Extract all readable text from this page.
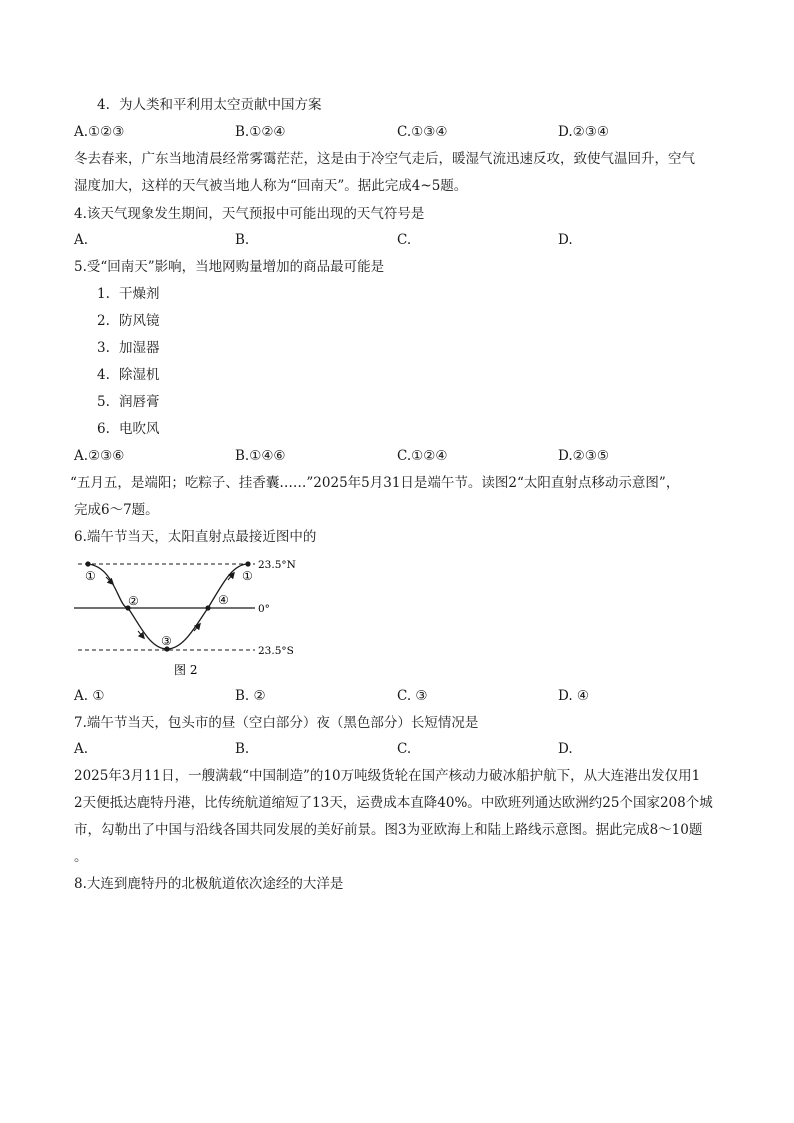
4. 为人类和平利用太空贡献中国方案
A.①②③	B.①②④	C.①③④	D.②③④
冬去春来，广东当地清晨经常雾霭茫茫，这是由于冷空气走后，暖湿气流迅速反攻，致使气温回升，空气
湿度加大，这样的天气被当地人称为“回南天”。据此完成4~5题。
4.该天气现象发生期间，天气预报中可能出现的天气符号是
A.	B.	C.	D.
5.受“回南天”影响，当地网购量增加的商品最可能是
1. 干燥剂
2. 防风镜
3. 加湿器
4. 除湿机
5. 润唇膏
6. 电吹风
A.②③⑥	B.①④⑥	C.①②④	D.②③⑤
“五月五，是端阳；吃粽子、挂香囊……”2025年5月31日是端午节。读图2“太阳直射点移动示意图”，
完成6～7题。
6.端午节当天，太阳直射点最接近图中的
①
②
③
④
①
23.5°N
0°
23.5°S
图 2
A. ①	B. ②	C. ③	D. ④
7.端午节当天，包头市的昼（空白部分）夜（黑色部分）长短情况是
A.	B.	C.	D.
2025年3月11日，一艘满载“中国制造”的10万吨级货轮在国产核动力破冰船护航下，从大连港出发仅用1
2天便抵达鹿特丹港，比传统航道缩短了13天，运费成本直降40%。中欧班列通达欧洲约25个国家208个城
市，勾勒出了中国与沿线各国共同发展的美好前景。图3为亚欧海上和陆上路线示意图。据此完成8～10题
。
8.大连到鹿特丹的北极航道依次途经的大洋是
